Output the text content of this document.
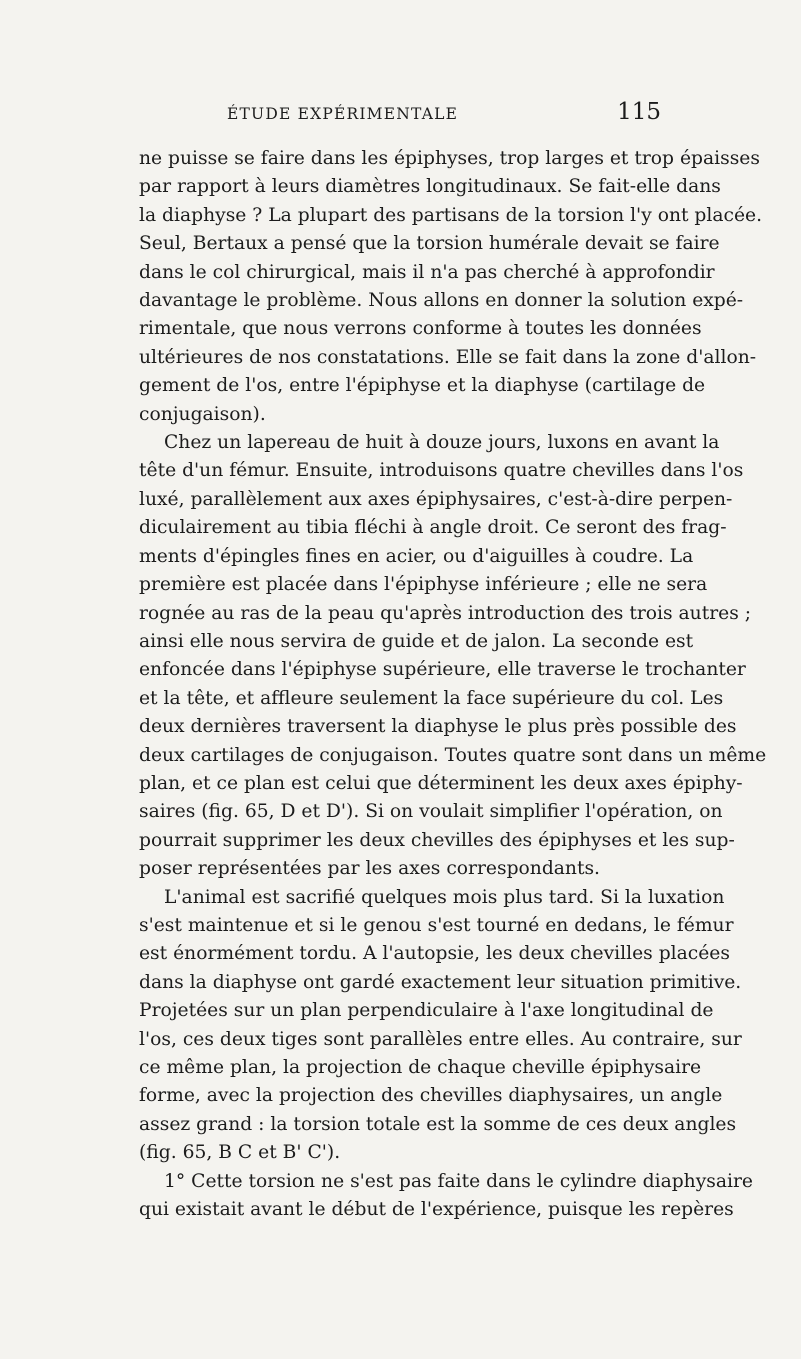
ÉTUDE EXPÉRIMENTALE	115

ne puisse se faire dans les épiphyses, trop larges et trop épaisses
par rapport à leurs diamètres longitudinaux. Se fait-elle dans
la diaphyse ? La plupart des partisans de la torsion l'y ont placée.
Seul, Bertaux a pensé que la torsion humérale devait se faire
dans le col chirurgical, mais il n'a pas cherché à approfondir
davantage le problème. Nous allons en donner la solution expé-
rimentale, que nous verrons conforme à toutes les données
ultérieures de nos constatations. Elle se fait dans la zone d'allon-
gement de l'os, entre l'épiphyse et la diaphyse (cartilage de
conjugaison).

Chez un lapereau de huit à douze jours, luxons en avant la
tête d'un fémur. Ensuite, introduisons quatre chevilles dans l'os
luxé, parallèlement aux axes épiphysaires, c'est-à-dire perpen-
diculairement au tibia fléchi à angle droit. Ce seront des frag-
ments d'épingles fines en acier, ou d'aiguilles à coudre. La
première est placée dans l'épiphyse inférieure ; elle ne sera
rognée au ras de la peau qu'après introduction des trois autres ;
ainsi elle nous servira de guide et de jalon. La seconde est
enfoncée dans l'épiphyse supérieure, elle traverse le trochanter
et la tête, et affleure seulement la face supérieure du col. Les
deux dernières traversent la diaphyse le plus près possible des
deux cartilages de conjugaison. Toutes quatre sont dans un même
plan, et ce plan est celui que déterminent les deux axes épiphy-
saires (fig. 65, D et D'). Si on voulait simplifier l'opération, on
pourrait supprimer les deux chevilles des épiphyses et les sup-
poser représentées par les axes correspondants.

L'animal est sacrifié quelques mois plus tard. Si la luxation
s'est maintenue et si le genou s'est tourné en dedans, le fémur
est énormément tordu. A l'autopsie, les deux chevilles placées
dans la diaphyse ont gardé exactement leur situation primitive.
Projetées sur un plan perpendiculaire à l'axe longitudinal de
l'os, ces deux tiges sont parallèles entre elles. Au contraire, sur
ce même plan, la projection de chaque cheville épiphysaire
forme, avec la projection des chevilles diaphysaires, un angle
assez grand : la torsion totale est la somme de ces deux angles
(fig. 65, B C et B' C').

1° Cette torsion ne s'est pas faite dans le cylindre diaphysaire
qui existait avant le début de l'expérience, puisque les repères
